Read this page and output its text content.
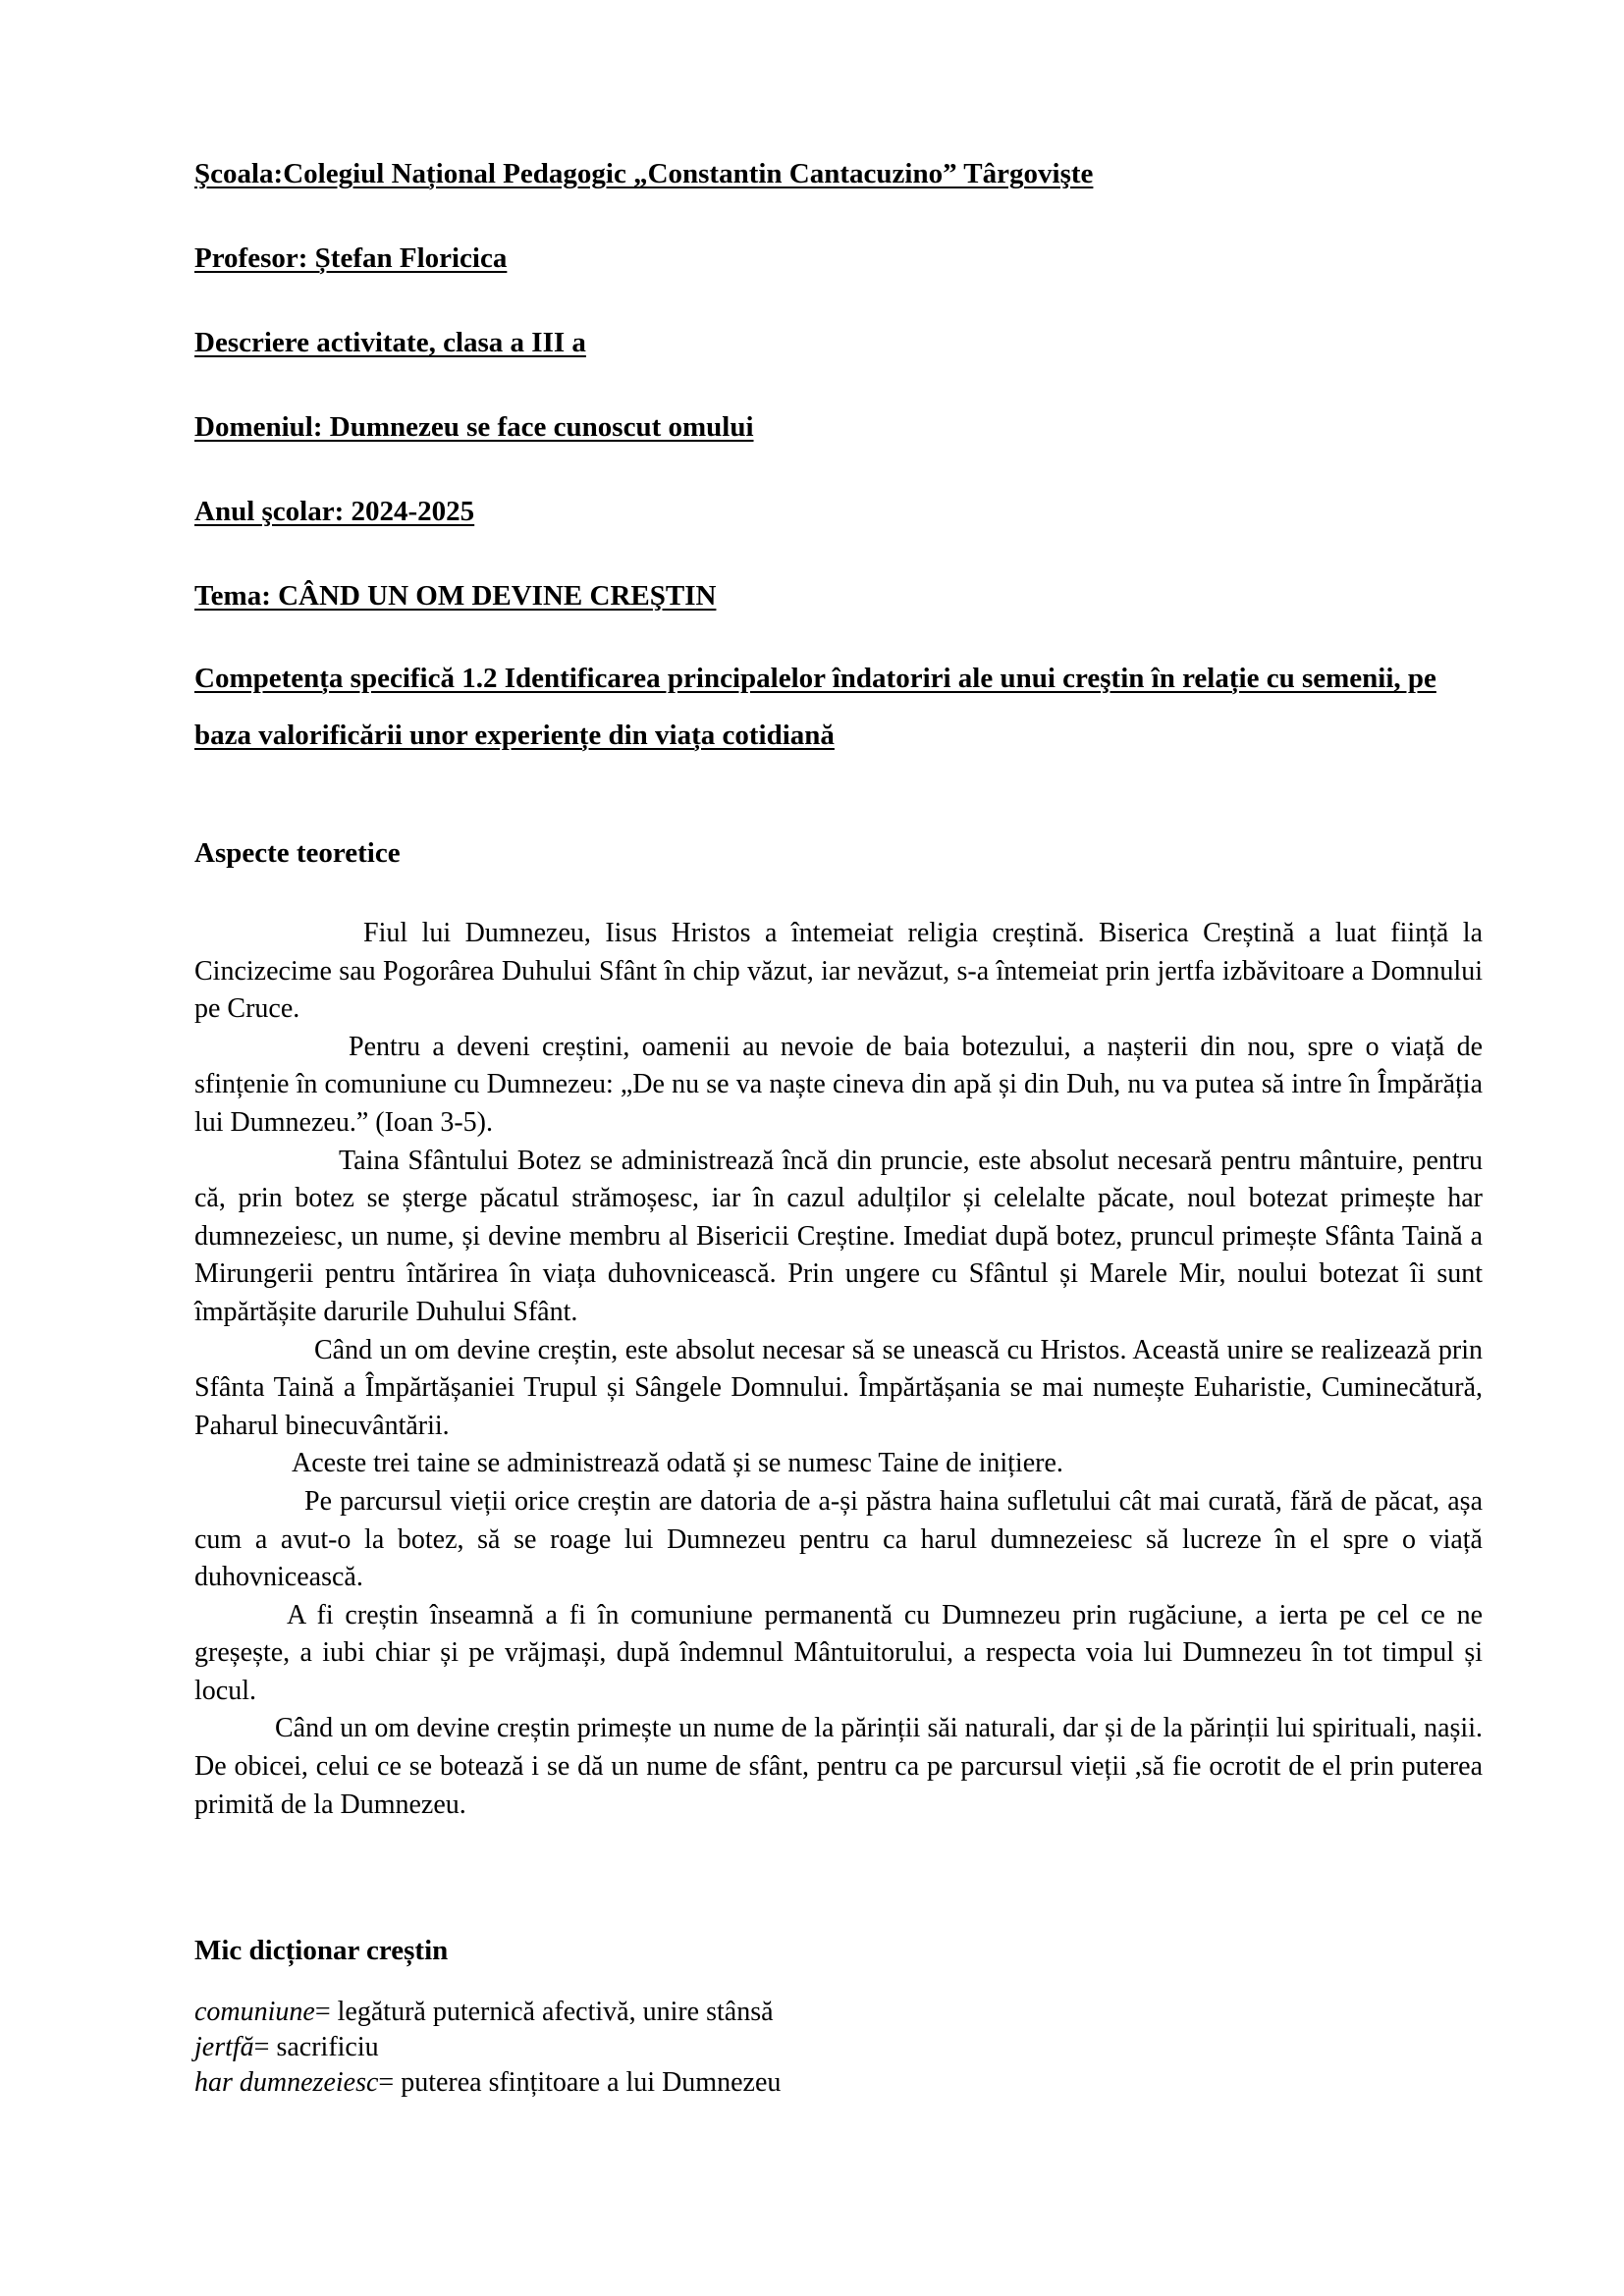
Şcoala:Colegiul Național Pedagogic „Constantin Cantacuzino” Târgovişte

Profesor: Ștefan Floricica

Descriere activitate, clasa a III a

Domeniul: Dumnezeu se face cunoscut omului

Anul şcolar: 2024-2025

Tema: CÂND UN OM DEVINE CREŞTIN

Competența specifică 1.2 Identificarea principalelor îndatoriri ale unui creştin în relație cu semenii, pe baza valorificării unor experiențe din viața cotidiană

Aspecte teoretice

Fiul lui Dumnezeu, Iisus Hristos a întemeiat religia creștină. Biserica Creștină a luat ființă la Cincizecime sau Pogorârea Duhului Sfânt în chip văzut, iar nevăzut, s-a întemeiat prin jertfa izbăvitoare a Domnului pe Cruce.

Pentru a deveni creștini, oamenii au nevoie de baia botezului, a nașterii din nou, spre o viață de sfințenie în comuniune cu Dumnezeu: „De nu se va naște cineva din apă și din Duh, nu va putea să intre în Împărăția lui Dumnezeu.” (Ioan 3-5).

Taina Sfântului Botez se administrează încă din pruncie, este absolut necesară pentru mântuire, pentru că, prin botez se șterge păcatul strămoșesc, iar în cazul adulților și celelalte păcate, noul botezat primește har dumnezeiesc, un nume, și devine membru al Bisericii Creștine. Imediat după botez, pruncul primește Sfânta Taină a Mirungerii pentru întărirea în viața duhovnicească. Prin ungere cu Sfântul și Marele Mir, noului botezat îi sunt împărtășite darurile Duhului Sfânt.

Când un om devine creștin, este absolut necesar să se unească cu Hristos. Această unire se realizează prin Sfânta Taină a Împărtășaniei Trupul și Sângele Domnului. Împărtășania se mai numește Euharistie, Cuminecătură, Paharul binecuvântării.

Aceste trei taine se administrează odată și se numesc Taine de inițiere.

Pe parcursul vieții orice creștin are datoria de a-și păstra haina sufletului cât mai curată, fără de păcat, așa cum a avut-o la botez, să se roage lui Dumnezeu pentru ca harul dumnezeiesc să lucreze în el spre o viață duhovnicească.

A fi creștin înseamnă a fi în comuniune permanentă cu Dumnezeu prin rugăciune, a ierta pe cel ce ne greșește, a iubi chiar și pe vrăjmași, după îndemnul Mântuitorului, a respecta voia lui Dumnezeu în tot timpul și locul.

Când un om devine creștin primește un nume de la părinții săi naturali, dar și de la părinții lui spirituali, nașii. De obicei, celui ce se botează i se dă un nume de sfânt, pentru ca pe parcursul vieții ,să fie ocrotit de el prin puterea primită de la Dumnezeu.

Mic dicționar creștin

comuniune= legătură puternică afectivă, unire stânsă
jertfă= sacrificiu
har dumnezeiesc= puterea sfințitoare a lui Dumnezeu
